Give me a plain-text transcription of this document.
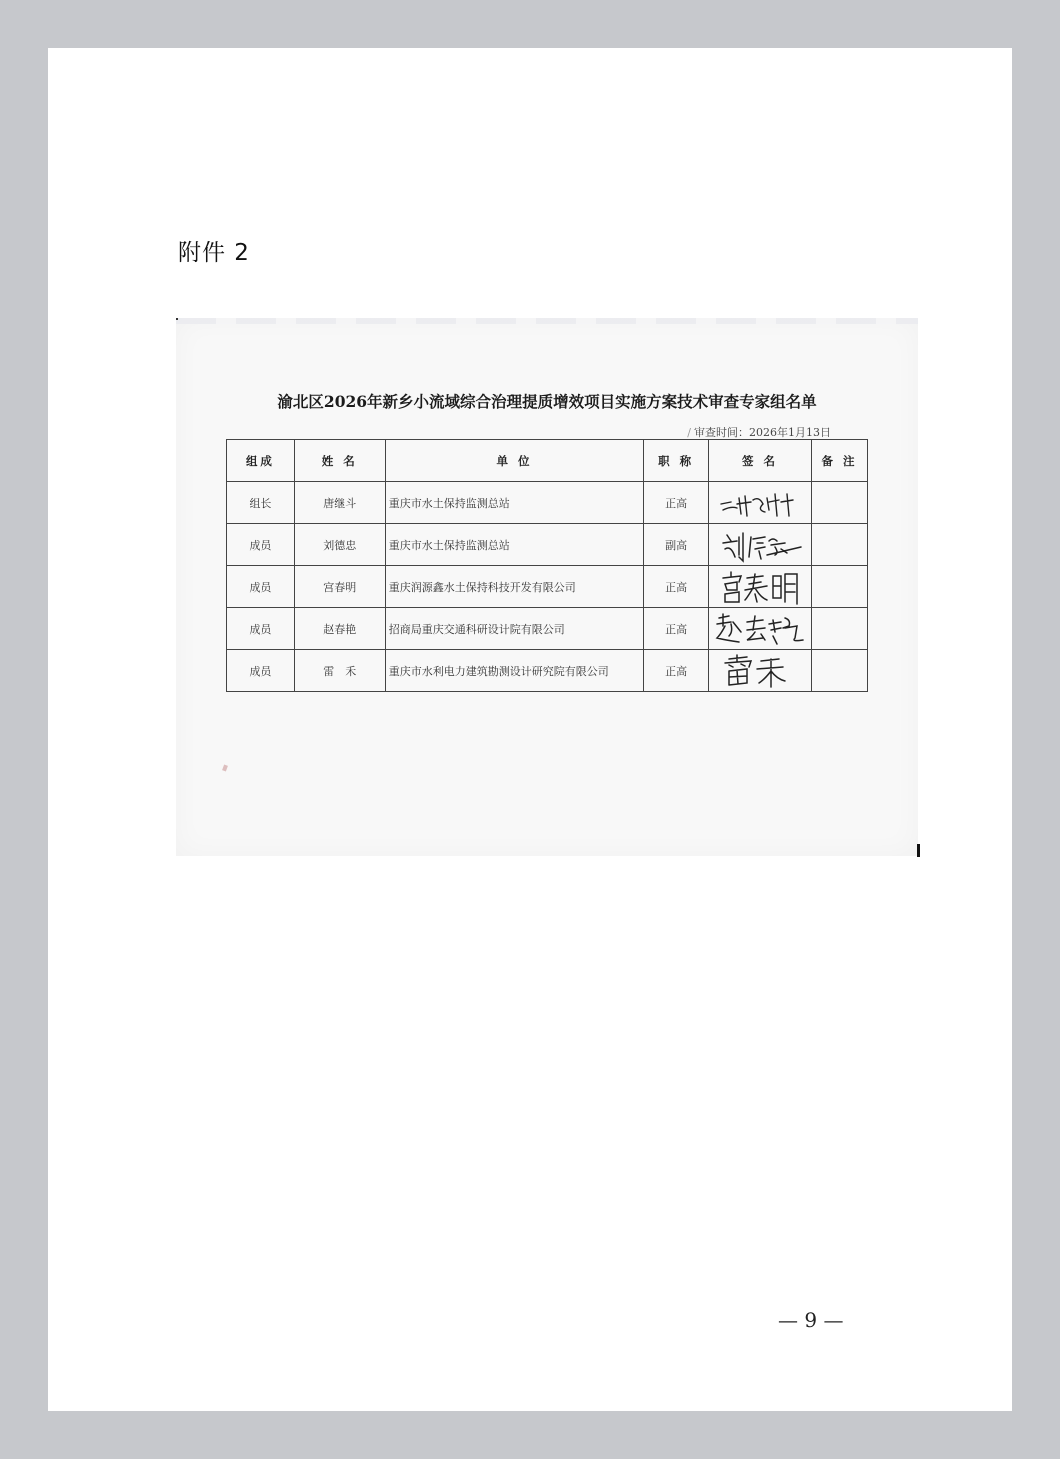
附件 2
渝北区2026年新乡小流域综合治理提质增效项目实施方案技术审查专家组名单
/ 审查时间：2026年1月13日
组成	姓 名	单 位	职 称	签 名	备 注
组长	唐继斗	重庆市水土保持监测总站	正高	

成员	刘德忠	重庆市水土保持监测总站	副高	

成员	宫春明	重庆润源鑫水土保持科技开发有限公司	正高	

成员	赵春艳	招商局重庆交通科研设计院有限公司	正高	

成员	雷　禾	重庆市水利电力建筑勘测设计研究院有限公司	正高	

— 9 —
